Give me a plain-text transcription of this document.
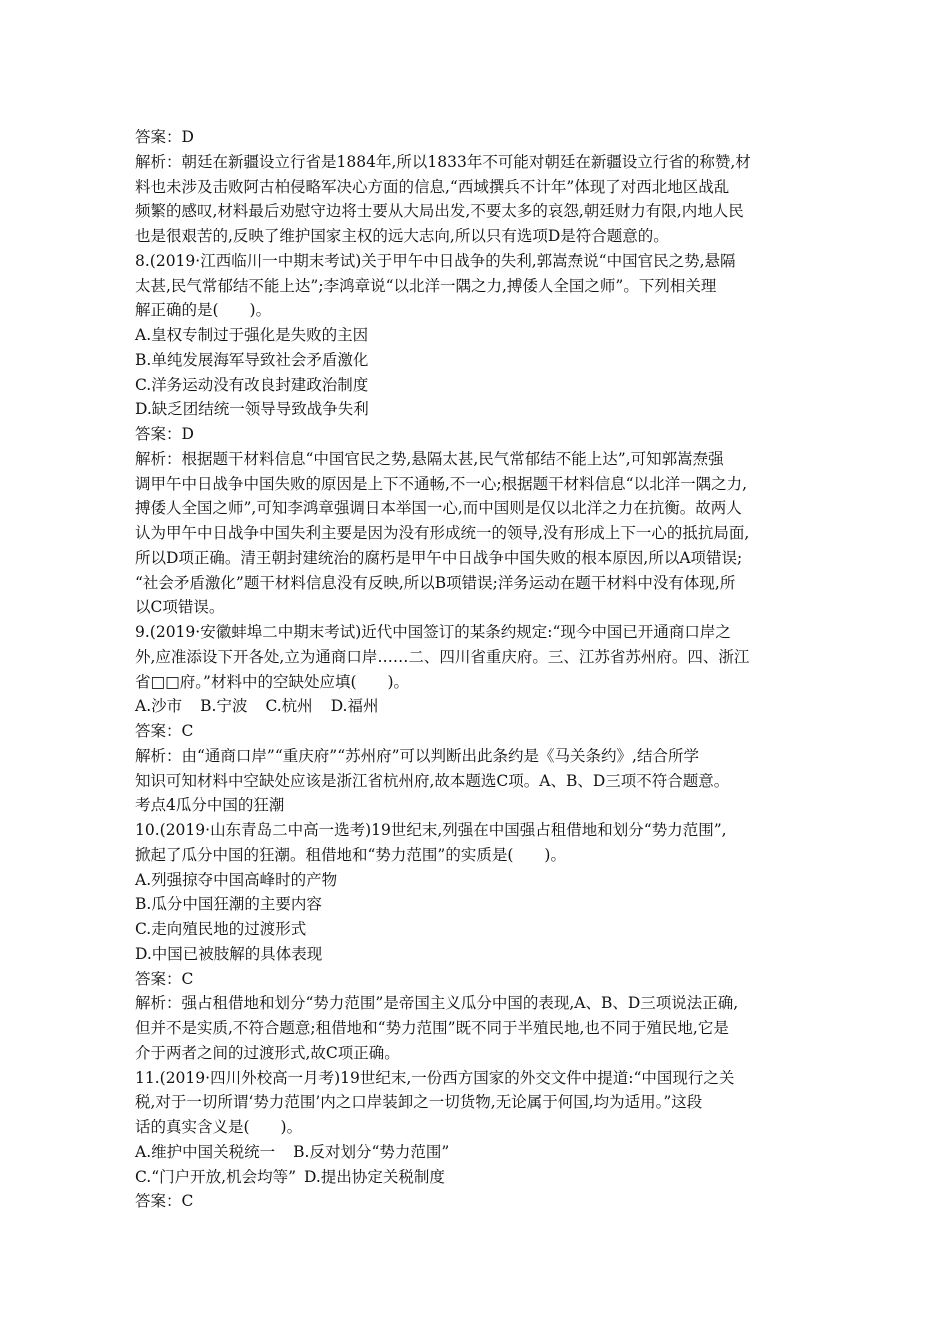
答案：D
解析：朝廷在新疆设立行省是1884年,所以1833年不可能对朝廷在新疆设立行省的称赞,材
料也未涉及击败阿古柏侵略军决心方面的信息,“西域撰兵不计年”体现了对西北地区战乱
频繁的感叹,材料最后劝慰守边将士要从大局出发,不要太多的哀怨,朝廷财力有限,内地人民
也是很艰苦的,反映了维护国家主权的远大志向,所以只有选项D是符合题意的。
8.(2019·江西临川一中期末考试)关于甲午中日战争的失利,郭嵩焘说“中国官民之势,悬隔
太甚,民气常郁结不能上达”;李鸿章说“以北洋一隅之力,搏倭人全国之师”。下列相关理
解正确的是(　　)。
A.皇权专制过于强化是失败的主因
B.单纯发展海军导致社会矛盾激化
C.洋务运动没有改良封建政治制度
D.缺乏团结统一领导导致战争失利
答案：D
解析：根据题干材料信息“中国官民之势,悬隔太甚,民气常郁结不能上达”,可知郭嵩焘强
调甲午中日战争中国失败的原因是上下不通畅,不一心;根据题干材料信息“以北洋一隅之力,
搏倭人全国之师”,可知李鸿章强调日本举国一心,而中国则是仅以北洋之力在抗衡。故两人
认为甲午中日战争中国失利主要是因为没有形成统一的领导,没有形成上下一心的抵抗局面,
所以D项正确。清王朝封建统治的腐朽是甲午中日战争中国失败的根本原因,所以A项错误;
“社会矛盾激化”题干材料信息没有反映,所以B项错误;洋务运动在题干材料中没有体现,所
以C项错误。
9.(2019·安徽蚌埠二中期末考试)近代中国签订的某条约规定:“现今中国已开通商口岸之
外,应准添设下开各处,立为通商口岸……二、四川省重庆府。三、江苏省苏州府。四、浙江
省□□府。”材料中的空缺处应填(　　)。
A.沙市 B.宁波 C.杭州 D.福州
答案：C
解析：由“通商口岸”“重庆府”“苏州府”可以判断出此条约是《马关条约》,结合所学
知识可知材料中空缺处应该是浙江省杭州府,故本题选C项。A、B、D三项不符合题意。
考点4瓜分中国的狂潮
10.(2019·山东青岛二中高一选考)19世纪末,列强在中国强占租借地和划分“势力范围”,
掀起了瓜分中国的狂潮。租借地和“势力范围”的实质是(　　)。
A.列强掠夺中国高峰时的产物
B.瓜分中国狂潮的主要内容
C.走向殖民地的过渡形式
D.中国已被肢解的具体表现
答案：C
解析：强占租借地和划分“势力范围”是帝国主义瓜分中国的表现,A、B、D三项说法正确,
但并不是实质,不符合题意;租借地和“势力范围”既不同于半殖民地,也不同于殖民地,它是
介于两者之间的过渡形式,故C项正确。
11.(2019·四川外校高一月考)19世纪末,一份西方国家的外交文件中提道:“中国现行之关
税,对于一切所谓‘势力范围’内之口岸装卸之一切货物,无论属于何国,均为适用。”这段
话的真实含义是(　　)。
A.维护中国关税统一 B.反对划分“势力范围”
C.“门户开放,机会均等” D.提出协定关税制度
答案：C
